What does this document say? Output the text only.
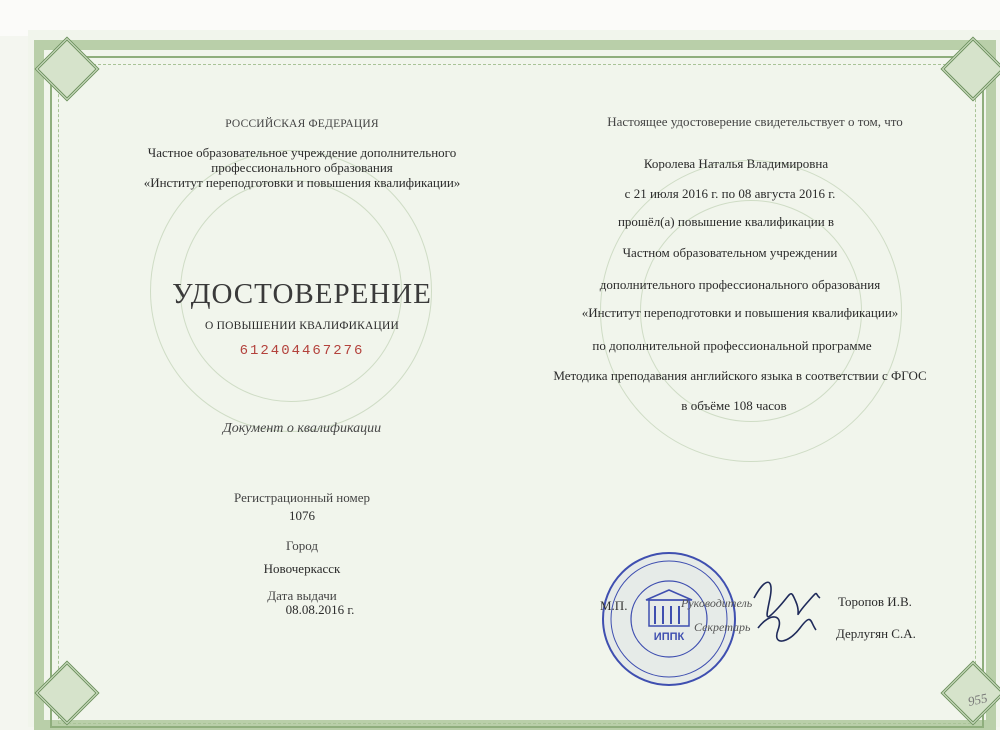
РОССИЙСКАЯ ФЕДЕРАЦИЯ
Частное образовательное учреждение дополнительного
профессионального образования
«Институт переподготовки и повышения квалификации»
УДОСТОВЕРЕНИЕ
О ПОВЫШЕНИИ КВАЛИФИКАЦИИ
612404467276
Документ о квалификации
Регистрационный номер
1076
Город
Новочеркасск
Дата выдачи
08.08.2016 г.
Настоящее удостоверение свидетельствует о том, что
Королева Наталья Владимировна
с 21 июля 2016 г. по 08 августа 2016 г.
прошёл(а) повышение квалификации в
Частном образовательном учреждении
дополнительного профессионального образования
«Институт переподготовки и повышения квалификации»
по дополнительной профессиональной программе
Методика преподавания английского языка в соответствии с ФГОС
в объёме 108 часов
ИППК
М.П.	Руководитель
Секретарь
Торопов И.В.
Дерлугян С.А.
955
